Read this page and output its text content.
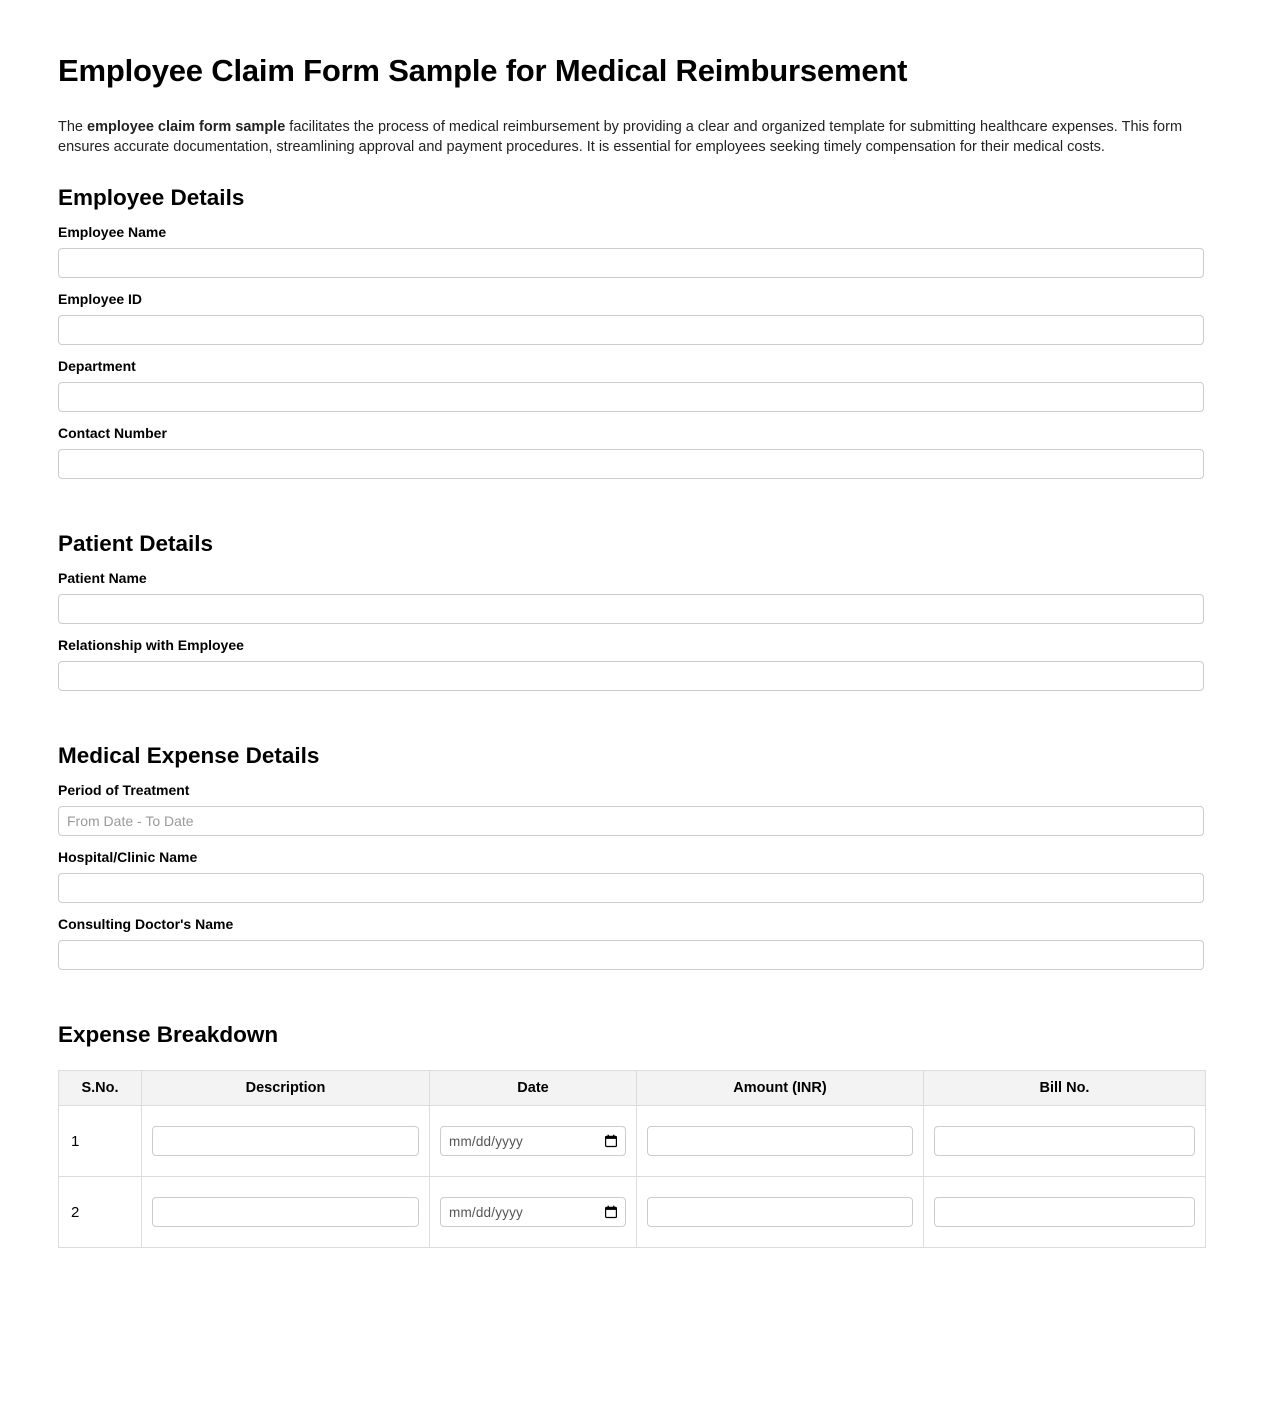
Employee Claim Form Sample for Medical Reimbursement

The employee claim form sample facilitates the process of medical reimbursement by providing a clear and organized template for submitting healthcare expenses. This form ensures accurate documentation, streamlining approval and payment procedures. It is essential for employees seeking timely compensation for their medical costs.

Employee Details
Employee Name
Employee ID
Department
Contact Number
Patient Details
Patient Name
Relationship with Employee
Medical Expense Details
Period of Treatment
From Date - To Date
Hospital/Clinic Name
Consulting Doctor's Name
Expense Breakdown
S.No.	Description	Date	Amount (INR)	Bill No.
1		mm/dd/yyyy

2		mm/dd/yyyy
